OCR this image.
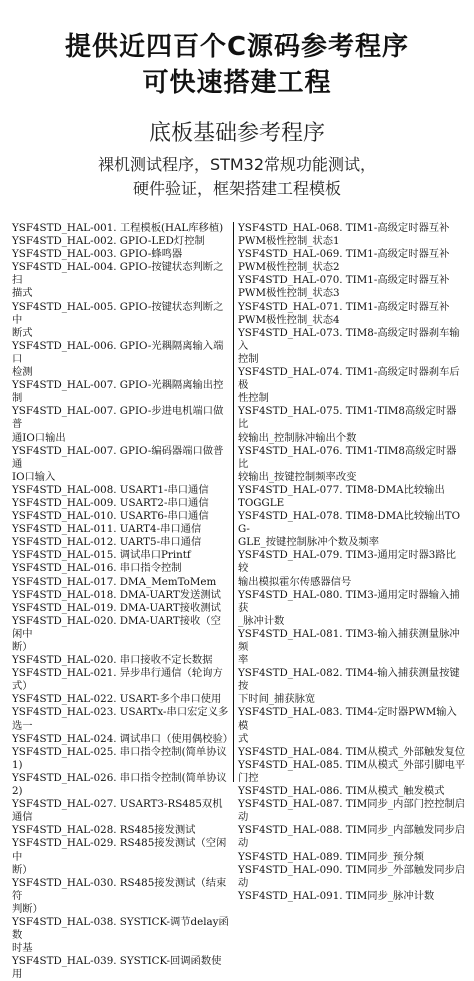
提供近四百个C源码参考程序
可快速搭建工程
底板基础参考程序
裸机测试程序，STM32常规功能测试，
硬件验证，框架搭建工程模板
YSF4STD_HAL-001. 工程模板(HAL库移植)
YSF4STD_HAL-002. GPIO-LED灯控制
YSF4STD_HAL-003. GPIO-蜂鸣器
YSF4STD_HAL-004. GPIO-按键状态判断之扫
描式
YSF4STD_HAL-005. GPIO-按键状态判断之中
断式
YSF4STD_HAL-006. GPIO-光耦隔离输入端口
检测
YSF4STD_HAL-007. GPIO-光耦隔离输出控制
YSF4STD_HAL-007. GPIO-步进电机端口做普
通IO口输出
YSF4STD_HAL-007. GPIO-编码器端口做普通
IO口输入
YSF4STD_HAL-008. USART1-串口通信
YSF4STD_HAL-009. USART2-串口通信
YSF4STD_HAL-010. USART6-串口通信
YSF4STD_HAL-011. UART4-串口通信
YSF4STD_HAL-012. UART5-串口通信
YSF4STD_HAL-015. 调试串口Printf
YSF4STD_HAL-016. 串口指令控制
YSF4STD_HAL-017. DMA_MemToMem
YSF4STD_HAL-018. DMA-UART发送测试
YSF4STD_HAL-019. DMA-UART接收测试
YSF4STD_HAL-020. DMA-UART接收（空闲中
断）
YSF4STD_HAL-020. 串口接收不定长数据
YSF4STD_HAL-021. 异步串行通信（轮询方式）
YSF4STD_HAL-022. USART-多个串口使用
YSF4STD_HAL-023. USARTx-串口宏定义多选一
YSF4STD_HAL-024. 调试串口（使用偶校验）
YSF4STD_HAL-025. 串口指令控制(简单协议1)
YSF4STD_HAL-026. 串口指令控制(简单协议2)
YSF4STD_HAL-027. USART3-RS485双机通信
YSF4STD_HAL-028. RS485接发测试
YSF4STD_HAL-029. RS485接发测试（空闲中
断）
YSF4STD_HAL-030. RS485接发测试（结束符
判断）
YSF4STD_HAL-038. SYSTICK-调节delay函数
时基
YSF4STD_HAL-039. SYSTICK-回调函数使用
YSF4STD_HAL-068. TIM1-高级定时器互补
PWM极性控制_状态1
YSF4STD_HAL-069. TIM1-高级定时器互补
PWM极性控制_状态2
YSF4STD_HAL-070. TIM1-高级定时器互补
PWM极性控制_状态3
YSF4STD_HAL-071. TIM1-高级定时器互补
PWM极性控制_状态4
YSF4STD_HAL-073. TIM8-高级定时器刹车输入
控制
YSF4STD_HAL-074. TIM1-高级定时器刹车后极
性控制
YSF4STD_HAL-075. TIM1-TIM8高级定时器比
较输出_控制脉冲输出个数
YSF4STD_HAL-076. TIM1-TIM8高级定时器比
较输出_按键控制频率改变
YSF4STD_HAL-077. TIM8-DMA比较输出
TOGGLE
YSF4STD_HAL-078. TIM8-DMA比较输出TOG-
GLE_按键控制脉冲个数及频率
YSF4STD_HAL-079. TIM3-通用定时器3路比较
输出模拟霍尔传感器信号
YSF4STD_HAL-080. TIM3-通用定时器输入捕获
_脉冲计数
YSF4STD_HAL-081. TIM3-输入捕获测量脉冲频
率
YSF4STD_HAL-082. TIM4-输入捕获测量按键按
下时间_捕获脉宽
YSF4STD_HAL-083. TIM4-定时器PWM输入模
式
YSF4STD_HAL-084. TIM从模式_外部触发复位
YSF4STD_HAL-085. TIM从模式_外部引脚电平
门控
YSF4STD_HAL-086. TIM从模式_触发模式
YSF4STD_HAL-087. TIM同步_内部门控控制启
动
YSF4STD_HAL-088. TIM同步_内部触发同步启
动
YSF4STD_HAL-089. TIM同步_预分频
YSF4STD_HAL-090. TIM同步_外部触发同步启
动
YSF4STD_HAL-091. TIM同步_脉冲计数
